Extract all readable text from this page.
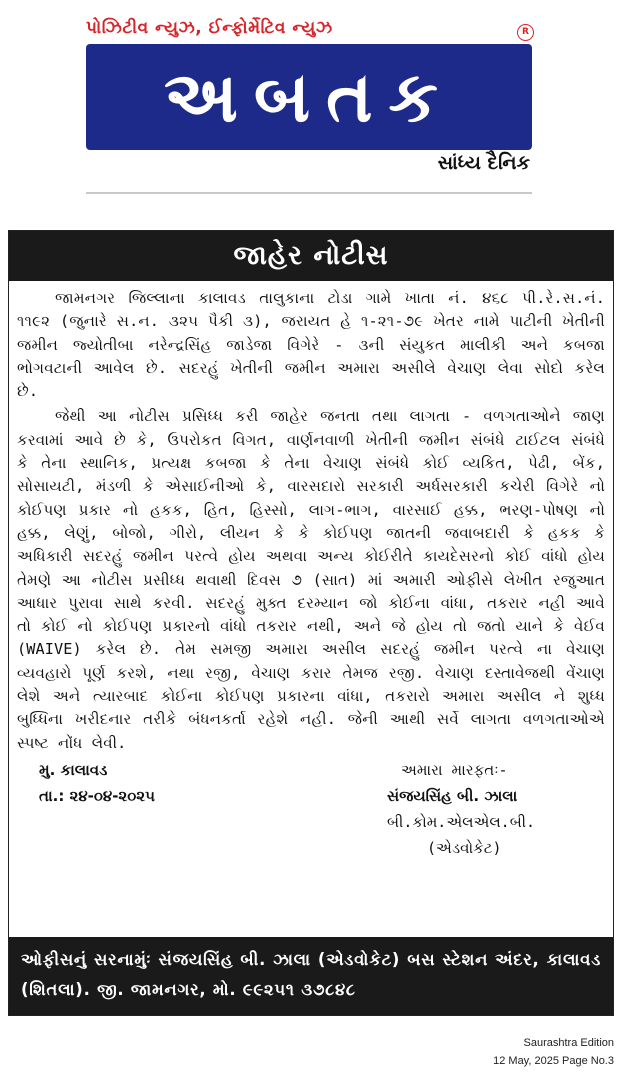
પોઝિટીવ ન્યુઝ, ઈન્ફોર્મેટિવ ન્યુઝ	R
અબતક
સાંધ્ય દૈનિક
જાહેર નોટીસ

જામનગર જિલ્લાના કાલાવડ તાલુકાના ટોડા ગામે ખાતા નં. ૪૬૮ પી.રે.સ.નં. ૧૧૯૨ (જુનારે સ.ન. ૩૨૫ પૈકી ૩), જરાયત હે ૧-૨૧-૭૯ ખેતર નામે પાટીની ખેતીની જમીન જ્યોતીબા નરેન્દ્રસિંહ જાડેજા વિગેરે - ૩ની સંયુકત માલીકી અને કબજા ભોગવટાની આવેલ છે. સદરહું ખેતીની જમીન અમારા અસીલે વેચાણ લેવા સોદો કરેલ છે.

જેથી આ નોટીસ પ્રસિધ્ધ કરી જાહેર જનતા તથા લાગતા - વળગતાઓને જાણ કરવામાં આવે છે કે, ઉપરોકત વિગત, વાર્ણનવાળી ખેતીની જમીન સંબંધે ટાઈટલ સંબંધે કે તેના સ્થાનિક, પ્રત્યક્ષ કબજા કે તેના વેચાણ સંબંધે કોઈ વ્યકિત, પેઢી, બેંક, સોસાયટી, મંડળી કે એસાઈનીઓ કે, વારસદારો સરકારી અર્ધસરકારી કચેરી વિગેરે નો કોઈપણ પ્રકાર નો હકક, હિત, હિસ્સો, લાગ-ભાગ, વારસાઈ હક્ક, ભરણ-પોષણ નો હક્ક, લેણું, બોજો, ગીરો, લીયન કે કે કોઈપણ જાતની જવાબદારી કે હકક કે અધિકારી સદરહું જમીન પરત્વે હોય અથવા અન્ય કોઈરીતે કાયદેસરનો કોઈ વાંધો હોય તેમણે આ નોટીસ પ્રસીધ્ધ થવાથી દિવસ ૭ (સાત) માં અમારી ઓફીસે લેખીત રજુઆત આધાર પુરાવા સાથે કરવી. સદરહું મુક્ત દરમ્યાન જો કોઈના વાંધા, તકરાર નહી આવે તો કોઈ નો કોઈપણ પ્રકારનો વાંધો તકરાર નથી, અને જે હોય તો જતો યાને કે વેઈવ (WAIVE) કરેલ છે. તેમ સમજી અમારા અસીલ સદરહું જમીન પરત્વે ના વેચાણ વ્યવહારો પૂર્ણ કરશે, નથા રજી, વેચાણ કરાર તેમજ રજી. વેચાણ દસ્તાવેજથી વેંચાણ લેશે અને ત્યારબાદ કોઈના કોઈપણ પ્રકારના વાંધા, તકરારો અમારા અસીલ ને શુધ્ધ બુધ્ધિના ખરીદનાર તરીકે બંધનકર્તા રહેશે નહી. જેની આથી સર્વે લાગતા વળગતાઓએ સ્પષ્ટ નોંધ લેવી.

મુ. કાલાવડ
તા.: ૨૪-૦૪-૨૦૨૫
અમારા મારફતઃ-
સંજયસિંહ બી. ઝાલા
બી.કોમ.એલએલ.બી.
(એડવોકેટ)
ઓફીસનું સરનામુંઃ સંજયસિંહ બી. ઝાલા (એડવોકેટ) બસ સ્ટેશન અંદર, કાલાવડ (શિતલા). જી. જામનગર, મો. ૯૯૨૫૧ ૩૭૮૪૮
Saurashtra Edition
12 May, 2025 Page No.3
